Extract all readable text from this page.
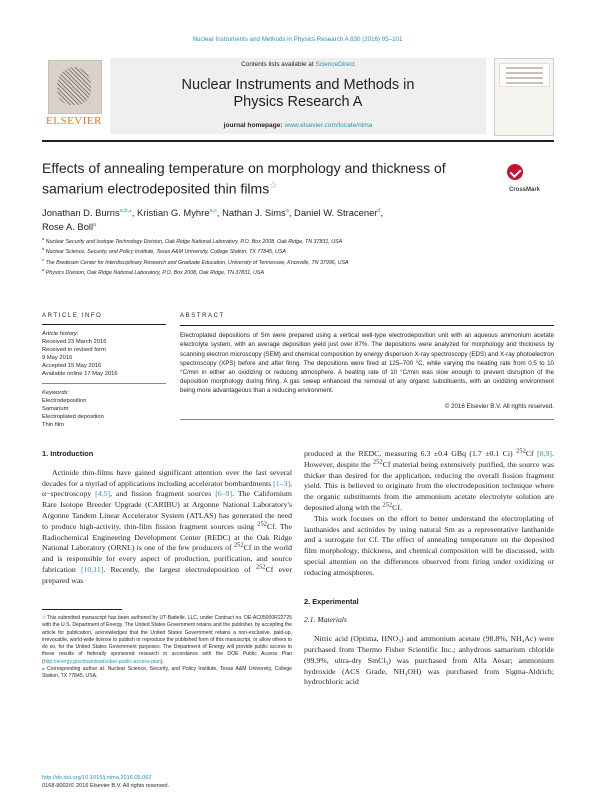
Nuclear Instruments and Methods in Physics Research A 830 (2016) 95–101
ELSEVIER
Contents lists available at ScienceDirect
Nuclear Instruments and Methods in
Physics Research A
journal homepage: www.elsevier.com/locate/nima
Effects of annealing temperature on morphology and thickness of
samarium electrodeposited thin films☆
CrossMark
Jonathan D. Burns$^{a,b,⁎}$, Kristian G. Myhre$^{a,c}$, Nathan J. Sims$^a$, Daniel W. Stracener$^d$,
Rose A. Boll$^a$
$^a$ Nuclear Security and Isotope Technology Division, Oak Ridge National Laboratory, P.O. Box 2008, Oak Ridge, TN 37831, USA
$^b$ Nuclear Science, Security, and Policy Institute, Texas A&M University, College Station, TX 77845, USA
$^c$ The Bredesen Center for Interdisciplinary Research and Graduate Education, University of Tennessee, Knoxville, TN 37996, USA
$^d$ Physics Division, Oak Ridge National Laboratory, P.O. Box 2008, Oak Ridge, TN 37831, USA
ARTICLE INFO
Article history:
Received 23 March 2016
Received in revised form
9 May 2016
Accepted 15 May 2016
Available online 17 May 2016
Keywords:
Electrodeposition
Samarium
Electroplated deposition
Thin film
ABSTRACT
Electroplated depositions of Sm were prepared using a vertical well-type electrodeposition unit with an aqueous ammonium acetate electrolyte system, with an average deposition yield just over 87%. The depositions were analyzed for morphology and thickness by scanning electron microscopy (SEM) and chemical composition by energy dispersion X-ray spectroscopy (EDS) and X-ray photoelectron spectroscopy (XPS) before and after firing. The depositions were fired at 125–700 °C, while varying the heating rate from 0.5 to 10 °C/min in either an oxidizing or reducing atmosphere. A heating rate of 10 °C/min was slow enough to prevent disruption of the deposition morphology during firing. A gas sweep enhanced the removal of any organic substituents, with an oxidizing environment being more advantageous than a reducing environment.
© 2016 Elsevier B.V. All rights reserved.
1. Introduction

Actinide thin-films have gained significant attention over the last several decades for a myriad of applications including accelerator bombardments [1–3], α−spectroscopy [4,5], and fission fragment sources [6–9]. The Californium Rare Isotope Breeder Upgrade (CARIBU) at Argonne National Laboratory's Argonne Tandem Linear Accelerator System (ATLAS) has generated the need to produce high-activity, thin-film fission fragment sources using $^{252}$Cf. The Radiochemical Engineering Development Center (REDC) at the Oak Ridge National Laboratory (ORNL) is one of the few producers of $^{252}$Cf in the world and is responsible for every aspect of production, purification, and source fabrication [10,11]. Recently, the largest electrodeposition of $^{252}$Cf ever prepared was

☆This submitted manuscript has been authored by UT-Battelle, LLC, under Contract no. DE-AC05000R22725 with the U.S. Department of Energy. The United States Government retains and the publisher, by accepting the article for publication, acknowledges that the United States Government retains a non-exclusive, paid-up, irrevocable, world-wide license to publish or reproduce the published form of this manuscript, or allow others to do so, for the United States Government purposes. The Department of Energy will provide public access to these results of federally sponsored research in accordance with the DOE Public Access Plan (http://energy.gov/downloads/doe-public-access-plan).
⁎ Corresponding author at: Nuclear Science, Security, and Policy Institute, Texas A&M University, College Station, TX 77845, USA.
http://dx.doi.org/10.1016/j.nima.2016.05.062
0168-9002/© 2016 Elsevier B.V. All rights reserved.

produced at the REDC, measuring 6.3 ±0.4 GBq (1.7 ±0.1 Ci) $^{252}$Cf [8,9]. However, despite the $^{252}$Cf material being extensively purified, the source was thicker than desired for the application, reducing the overall fission fragment yield. This is believed to originate from the electrodeposition technique where the organic substituents from the ammonium acetate electrolyte solution are deposited along with the $^{252}$Cf.

This work focuses on the effort to better understand the electroplating of lanthanides and actinides by using natural Sm as a representative lanthanide and a surrogate for Cf. The effect of annealing temperature on the deposited film morphology, thickness, and chemical composition will be discussed, with special attention on the differences observed from firing under oxidizing or reducing atmospheres.

2. Experimental
2.1. Materials

Nitric acid (Optima, HNO₃) and ammonium acetate (98.8%, NH₄Ac) were purchased from Thermo Fisher Scientific Inc.; anhydrous samarium chloride (99.9%, ultra-dry SmCl₃) was purchased from Alfa Aesar; ammonium hydroxide (ACS Grade, NH₄OH) was purchased from Sigma-Aldrich; hydrochloric acid
